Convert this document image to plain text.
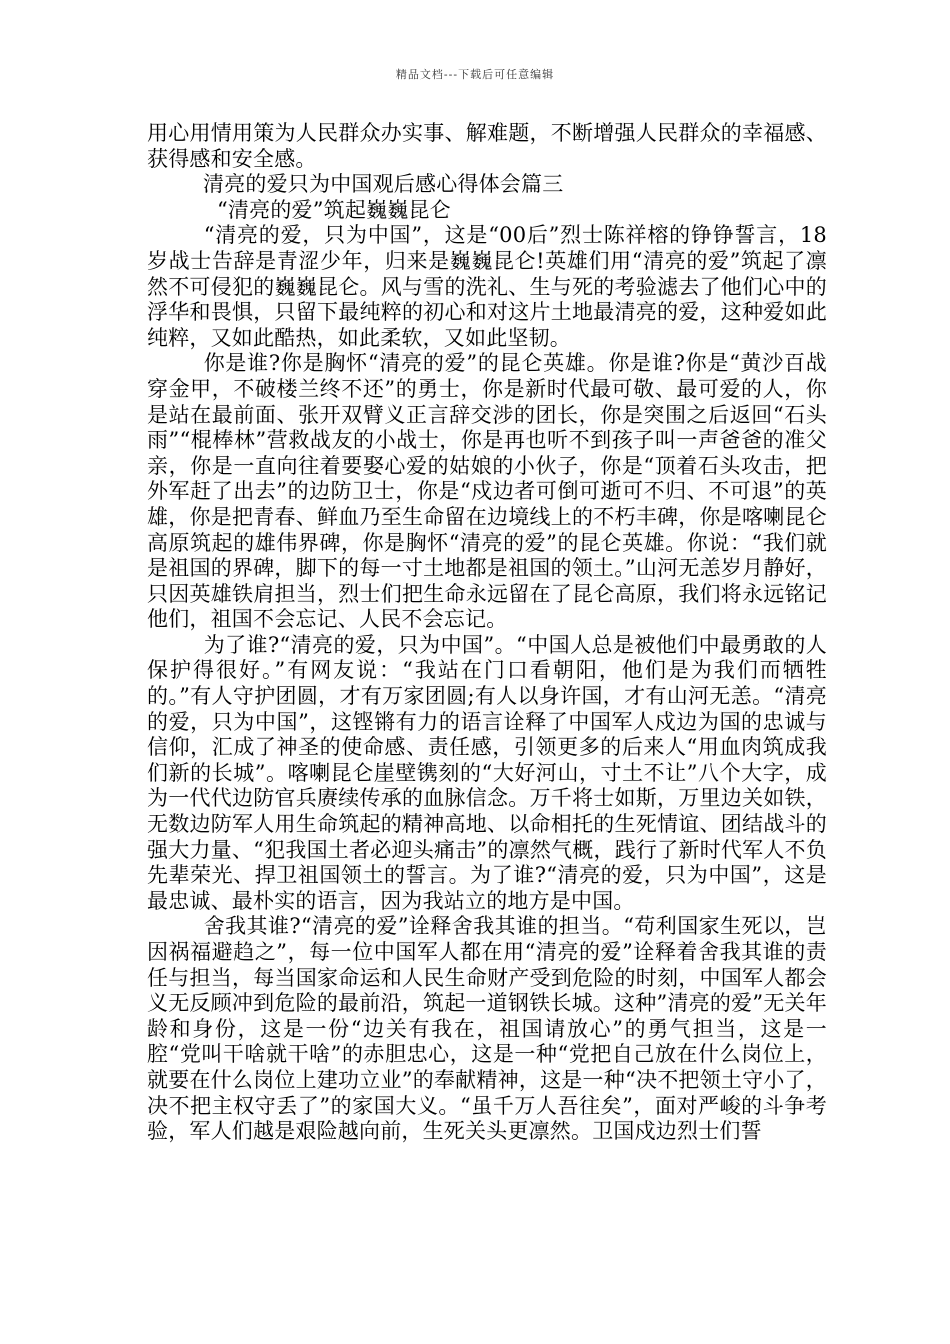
精品文档---下载后可任意编辑

用心用情用策为人民群众办实事、解难题，不断增强人民群众的幸福感、获得感和安全感。

清亮的爱只为中国观后感心得体会篇三

“清亮的爱”筑起巍巍昆仑

“清亮的爱，只为中国”，这是“00后”烈士陈祥榕的铮铮誓言，18岁战士告辞是青涩少年，归来是巍巍昆仑!英雄们用“清亮的爱”筑起了凛然不可侵犯的巍巍昆仑。风与雪的洗礼、生与死的考验滤去了他们心中的浮华和畏惧，只留下最纯粹的初心和对这片土地最清亮的爱，这种爱如此纯粹，又如此酷热，如此柔软，又如此坚韧。

你是谁?你是胸怀“清亮的爱”的昆仑英雄。你是谁?你是“黄沙百战穿金甲，不破楼兰终不还”的勇士，你是新时代最可敬、最可爱的人，你是站在最前面、张开双臂义正言辞交涉的团长，你是突围之后返回“石头雨”“棍棒林”营救战友的小战士，你是再也听不到孩子叫一声爸爸的准父亲，你是一直向往着要娶心爱的姑娘的小伙子，你是“顶着石头攻击，把外军赶了出去”的边防卫士，你是“戍边者可倒可逝可不归、不可退”的英雄，你是把青春、鲜血乃至生命留在边境线上的不朽丰碑，你是喀喇昆仑高原筑起的雄伟界碑，你是胸怀“清亮的爱”的昆仑英雄。你说：“我们就是祖国的界碑，脚下的每一寸土地都是祖国的领土。”山河无恙岁月静好，只因英雄铁肩担当，烈士们把生命永远留在了昆仑高原，我们将永远铭记他们，祖国不会忘记、人民不会忘记。

为了谁?“清亮的爱，只为中国”。“中国人总是被他们中最勇敢的人保护得很好。”有网友说：“我站在门口看朝阳，他们是为我们而牺牲的。”有人守护团圆，才有万家团圆;有人以身许国，才有山河无恙。“清亮的爱，只为中国”，这铿锵有力的语言诠释了中国军人戍边为国的忠诚与信仰，汇成了神圣的使命感、责任感，引领更多的后来人“用血肉筑成我们新的长城”。喀喇昆仑崖壁镌刻的“大好河山，寸土不让”八个大字，成为一代代边防官兵赓续传承的血脉信念。万千将士如斯，万里边关如铁，无数边防军人用生命筑起的精神高地、以命相托的生死情谊、团结战斗的强大力量、“犯我国土者必迎头痛击”的凛然气概，践行了新时代军人不负先辈荣光、捍卫祖国领土的誓言。为了谁?“清亮的爱，只为中国”，这是最忠诚、最朴实的语言，因为我站立的地方是中国。

舍我其谁?“清亮的爱”诠释舍我其谁的担当。“苟利国家生死以，岂因祸福避趋之”，每一位中国军人都在用“清亮的爱”诠释着舍我其谁的责任与担当，每当国家命运和人民生命财产受到危险的时刻，中国军人都会义无反顾冲到危险的最前沿，筑起一道钢铁长城。这种”清亮的爱”无关年龄和身份，这是一份“边关有我在，祖国请放心”的勇气担当，这是一腔“党叫干啥就干啥”的赤胆忠心，这是一种“党把自己放在什么岗位上，就要在什么岗位上建功立业”的奉献精神，这是一种“决不把领土守小了，决不把主权守丢了”的家国大义。“虽千万人吾往矣”，面对严峻的斗争考验，军人们越是艰险越向前，生死关头更凛然。卫国戍边烈士们誓
